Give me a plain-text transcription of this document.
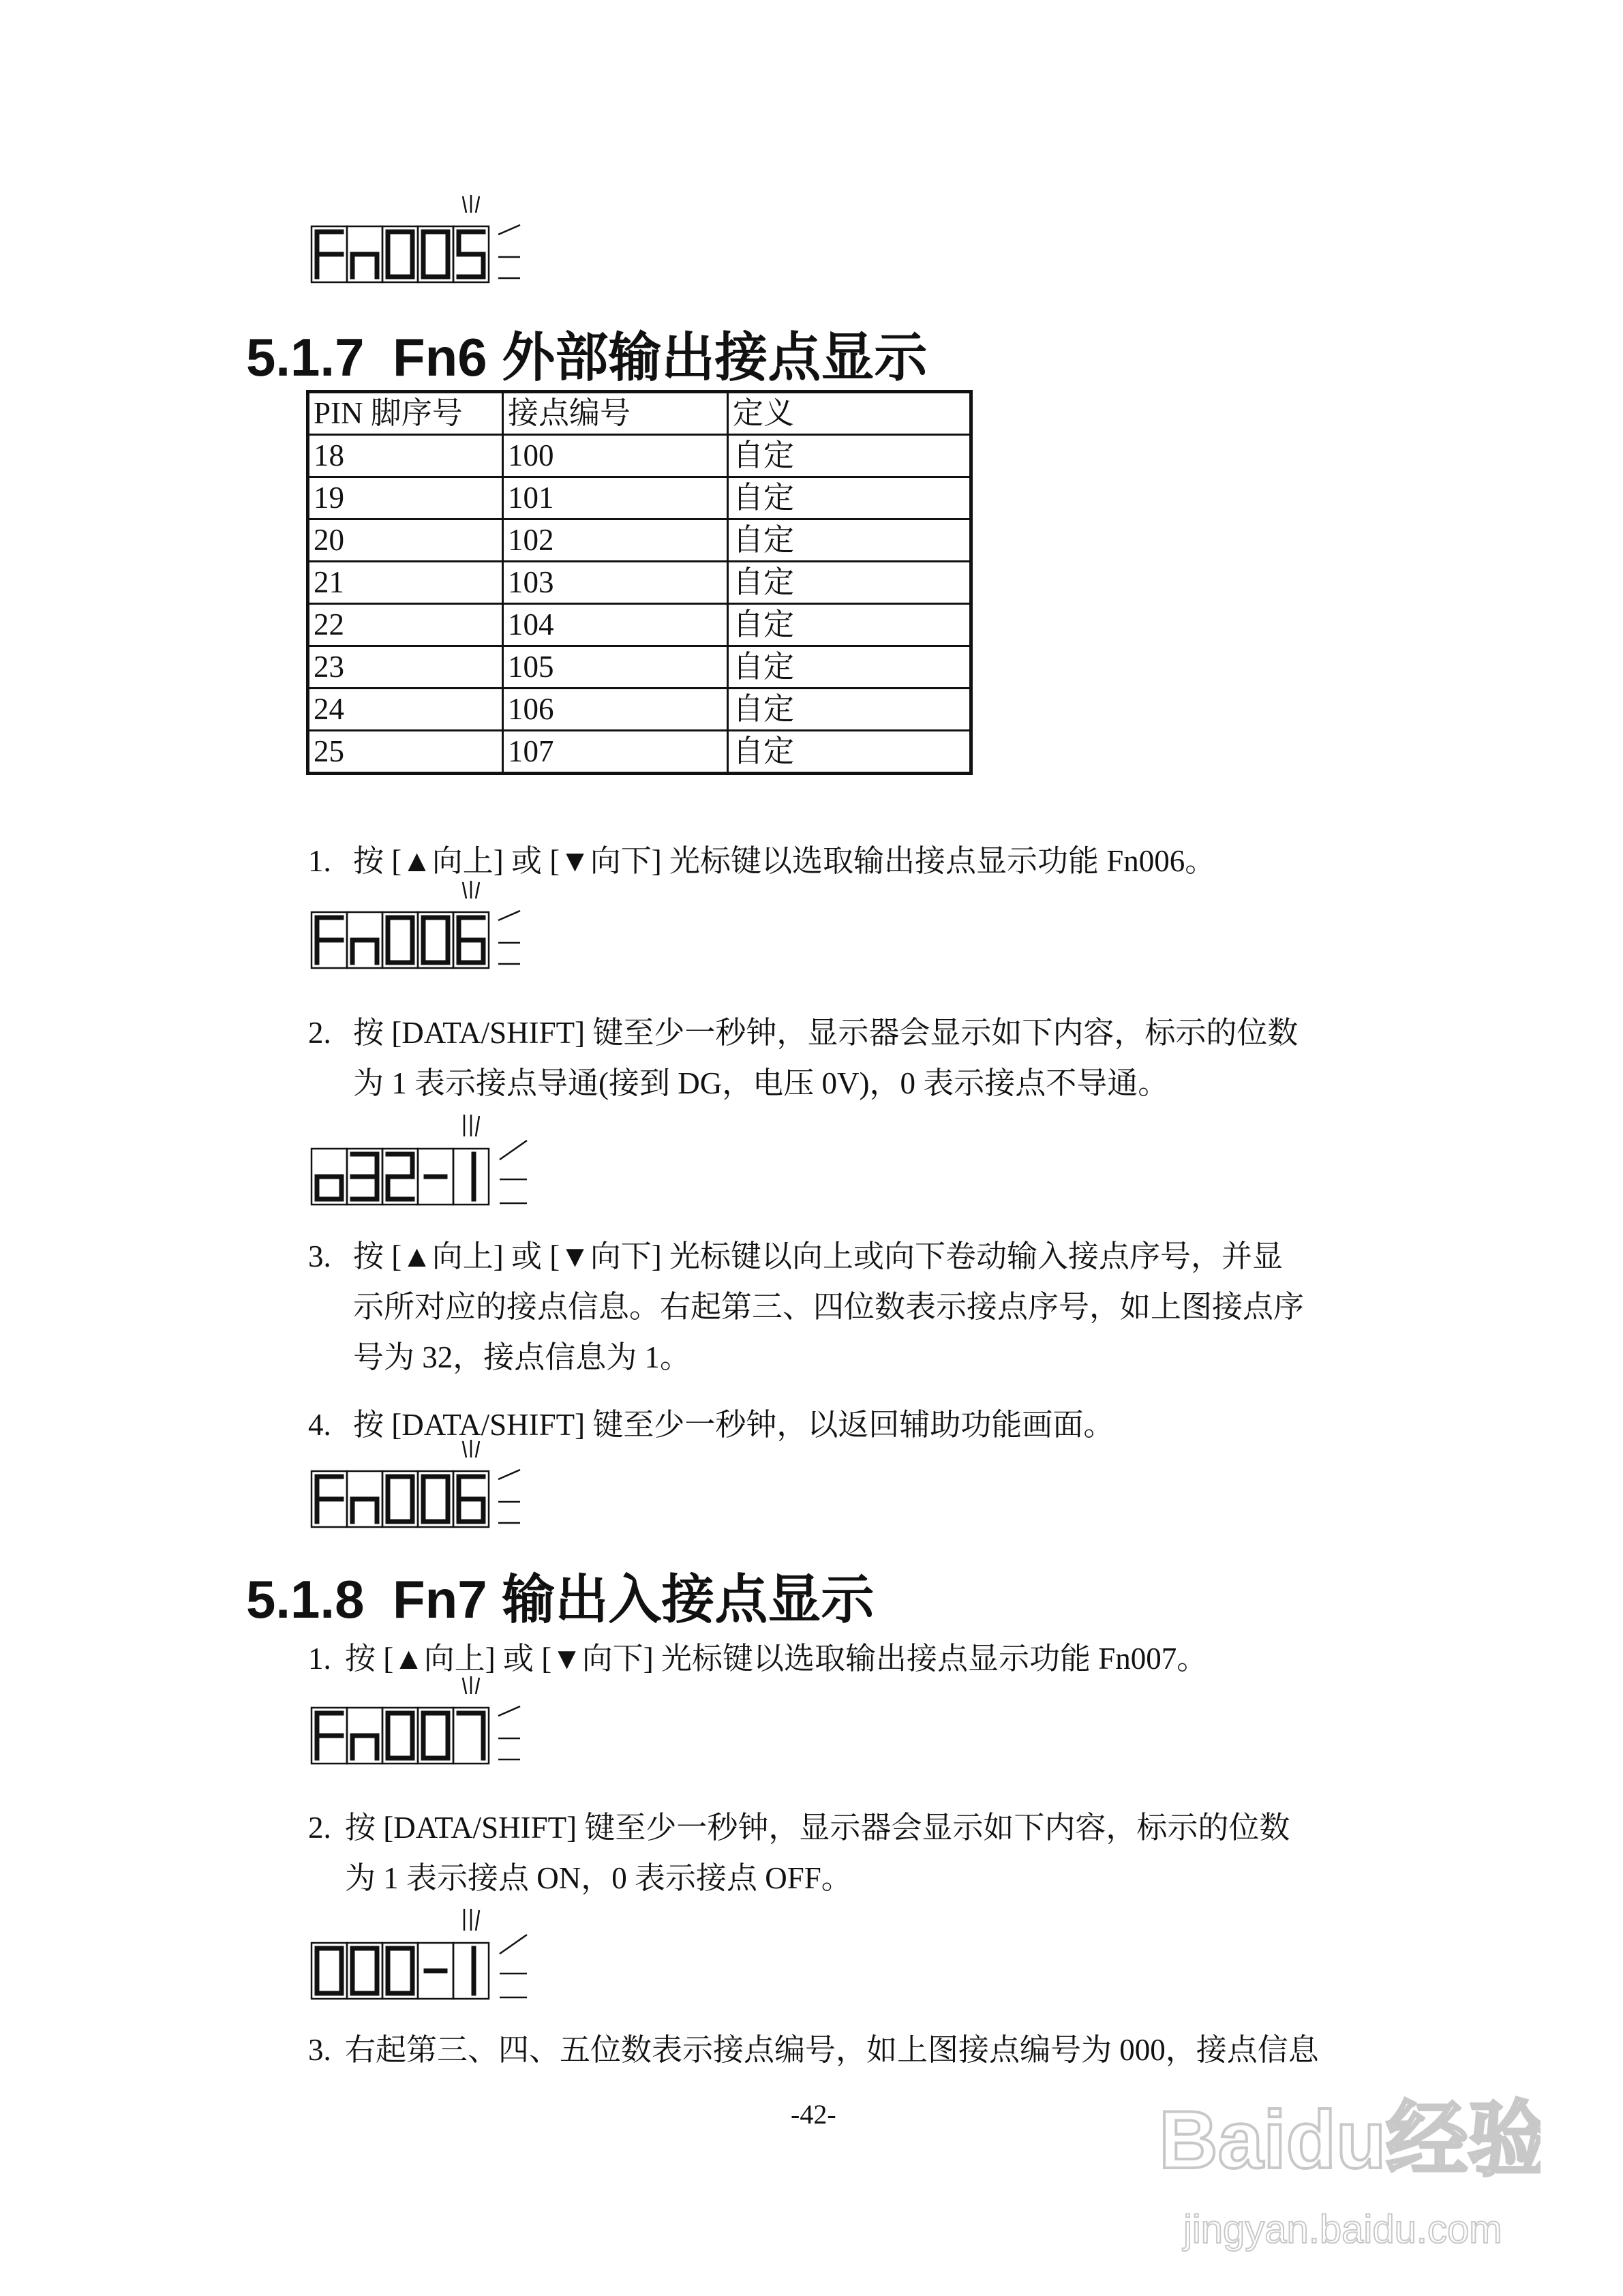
5.1.7 Fn6 外部输出接点显示
PIN 脚序号	接点编号	定义
18	100	自定
19	101	自定
20	102	自定
21	103	自定
22	104	自定
23	105	自定
24	106	自定
25	107	自定
1. 按 [▲向上] 或 [▼向下] 光标键以选取输出接点显示功能 Fn006。
2. 按 [DATA/SHIFT] 键至少一秒钟，显示器会显示如下内容，标示的位数
为 1 表示接点导通(接到 DG，电压 0V)，0 表示接点不导通。
3. 按 [▲向上] 或 [▼向下] 光标键以向上或向下卷动输入接点序号，并显
示所对应的接点信息。右起第三、四位数表示接点序号，如上图接点序
号为 32，接点信息为 1。
4. 按 [DATA/SHIFT] 键至少一秒钟，以返回辅助功能画面。
5.1.8 Fn7 输出入接点显示
1. 按 [▲向上] 或 [▼向下] 光标键以选取输出接点显示功能 Fn007。
2. 按 [DATA/SHIFT] 键至少一秒钟，显示器会显示如下内容，标示的位数
为 1 表示接点 ON，0 表示接点 OFF。
3. 右起第三、四、五位数表示接点编号，如上图接点编号为 000，接点信息
-42-	Baidu经验
jingyan.baidu.com
